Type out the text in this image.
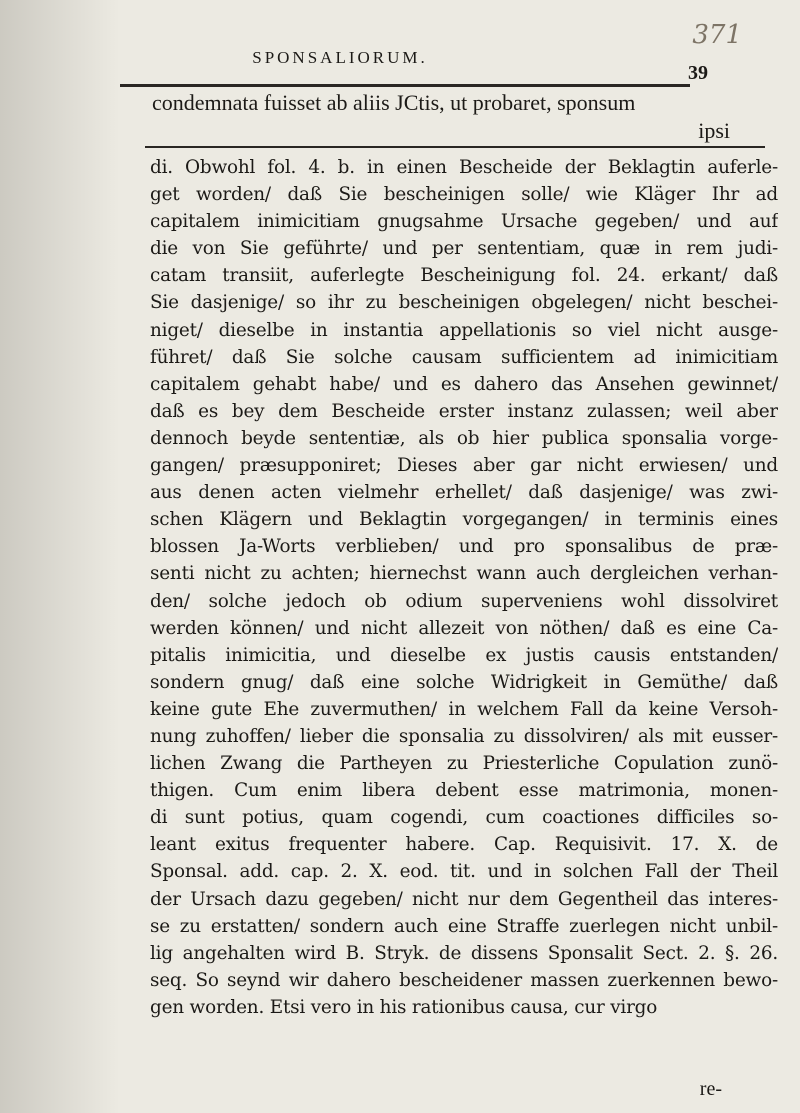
371
SPONSALIORUM.
39
condemnata fuisset ab aliis JCtis, ut probaret, sponsum
ipsi
di. Obwohl fol. 4. b. in einen Bescheide der Beklagtin auferle-
get worden/ daß Sie bescheinigen solle/ wie Kläger Ihr ad
capitalem inimicitiam gnugsahme Ursache gegeben/ und auf
die von Sie geführte/ und per sententiam, quæ in rem judi-
catam transiit, auferlegte Bescheinigung fol. 24. erkant/ daß
Sie dasjenige/ so ihr zu bescheinigen obgelegen/ nicht beschei-
niget/ dieselbe in instantia appellationis so viel nicht ausge-
führet/ daß Sie solche causam sufficientem ad inimicitiam
capitalem gehabt habe/ und es dahero das Ansehen gewinnet/
daß es bey dem Bescheide erster instanz zulassen; weil aber
dennoch beyde sententiæ, als ob hier publica sponsalia vorge-
gangen/ præsupponiret; Dieses aber gar nicht erwiesen/ und
aus denen acten vielmehr erhellet/ daß dasjenige/ was zwi-
schen Klägern und Beklagtin vorgegangen/ in terminis eines
blossen Ja-Worts verblieben/ und pro sponsalibus de præ-
senti nicht zu achten; hiernechst wann auch dergleichen verhan-
den/ solche jedoch ob odium superveniens wohl dissolviret
werden können/ und nicht allezeit von nöthen/ daß es eine Ca-
pitalis inimicitia, und dieselbe ex justis causis entstanden/
sondern gnug/ daß eine solche Widrigkeit in Gemüthe/ daß
keine gute Ehe zuvermuthen/ in welchem Fall da keine Versoh-
nung zuhoffen/ lieber die sponsalia zu dissolviren/ als mit eusser-
lichen Zwang die Partheyen zu Priesterliche Copulation zunö-
thigen. Cum enim libera debent esse matrimonia, monen-
di sunt potius, quam cogendi, cum coactiones difficiles so-
leant exitus frequenter habere. Cap. Requisivit. 17. X. de
Sponsal. add. cap. 2. X. eod. tit. und in solchen Fall der Theil
der Ursach dazu gegeben/ nicht nur dem Gegentheil das interes-
se zu erstatten/ sondern auch eine Straffe zuerlegen nicht unbil-
lig angehalten wird B. Stryk. de dissens Sponsalit Sect. 2. §. 26.
seq. So seynd wir dahero bescheidener massen zuerkennen bewo-
gen worden. Etsi vero in his rationibus causa, cur virgo
re-
